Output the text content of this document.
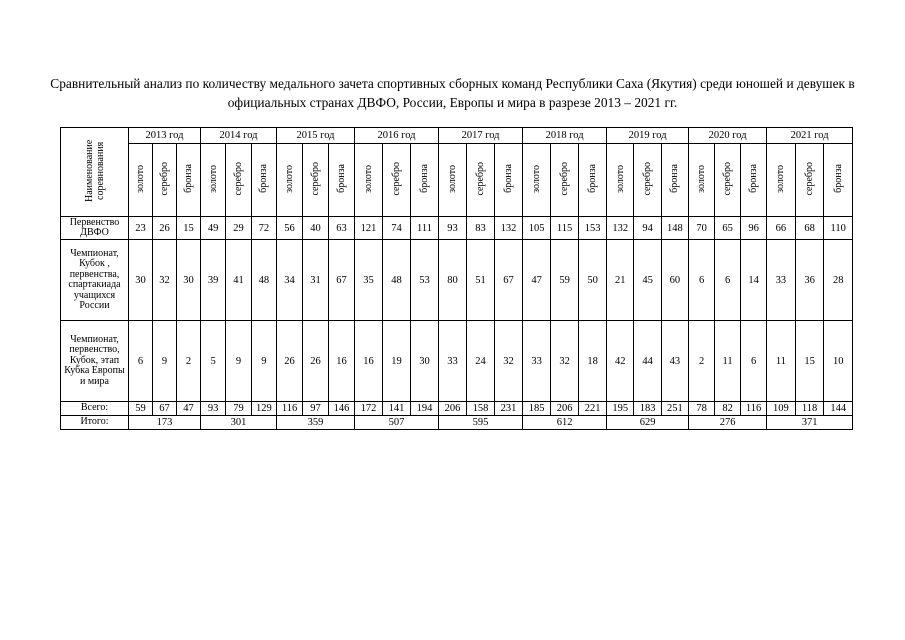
Сравнительный анализ по количеству медального зачета спортивных сборных команд Республики Саха (Якутия) среди юношей и девушек в официальных странах ДВФО, России, Европы и мира в разрезе 2013 – 2021 гг.
Наименование соревнования	2013 год			2014 год			2015 год			2016 год			2017 год			2018 год			2019 год			2020 год			2021 год		
	золото	серебро	бронза	золото	серебро	бронза	золото	серебро	бронза	золото	серебро	бронза	золото	серебро	бронза	золото	серебро	бронза	золото	серебро	бронза	золото	серебро	бронза	золото	серебро	бронза
Первенство ДВФО	23	26	15	49	29	72	56	40	63	121	74	111	93	83	132	105	115	153	132	94	148	70	65	96	66	68	110
Чемпионат, Кубок , первенства, спартакиада учащихся России	30	32	30	39	41	48	34	31	67	35	48	53	80	51	67	47	59	50	21	45	60	6	6	14	33	36	28
Чемпионат, первенство, Кубок, этап Кубка Европы и мира	6	9	2	5	9	9	26	26	16	16	19	30	33	24	32	33	32	18	42	44	43	2	11	6	11	15	10
Всего:	59	67	47	93	79	129	116	97	146	172	141	194	206	158	231	185	206	221	195	183	251	78	82	116	109	118	144
Итого:	173			301			359			507			595			612			629			276			371		
